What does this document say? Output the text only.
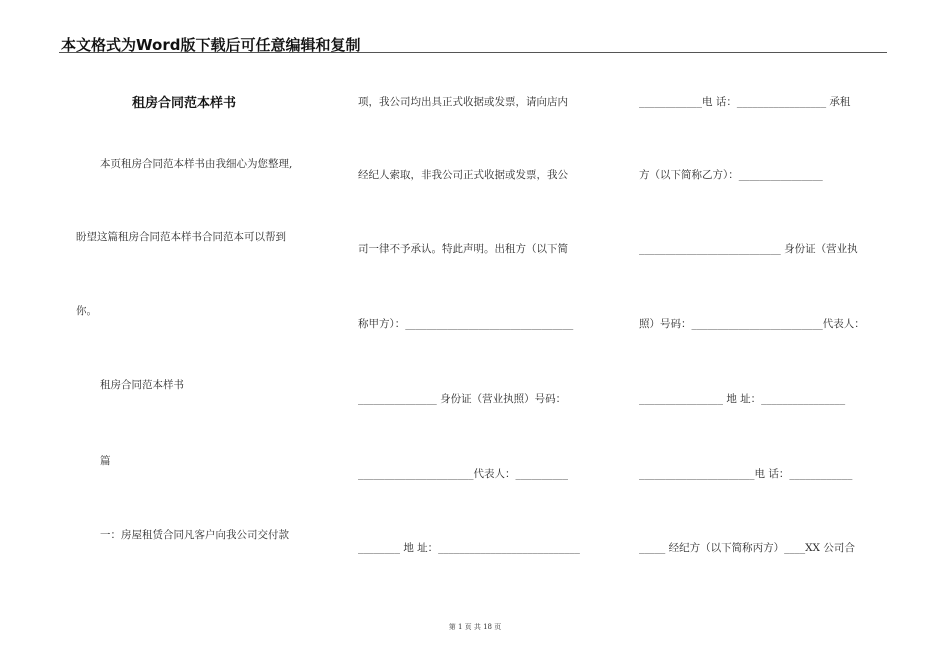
本文格式为Word版下载后可任意编辑和复制
租房合同范本样书
本页租房合同范本样书由我细心为您整理,
盼望这篇租房合同范本样书合同范本可以帮到
你。
租房合同范本样书
篇
一：房屋租赁合同凡客户向我公司交付款
项，我公司均出具正式收据或发票，请向店内
经纪人索取，非我公司正式收据或发票，我公
司一律不予承认。特此声明。出租方（以下简
称甲方）：________________________________
_______________ 身份证（营业执照）号码：
______________________代表人：__________
________ 地 址：___________________________
____________电 话：_________________ 承租
方（以下简称乙方）：________________
___________________________ 身份证（营业执
照）号码：_________________________代表人：
________________ 地 址：________________
______________________电 话：____________
_____ 经纪方（以下简称丙方）____XX 公司合
第 1 页 共 18 页
